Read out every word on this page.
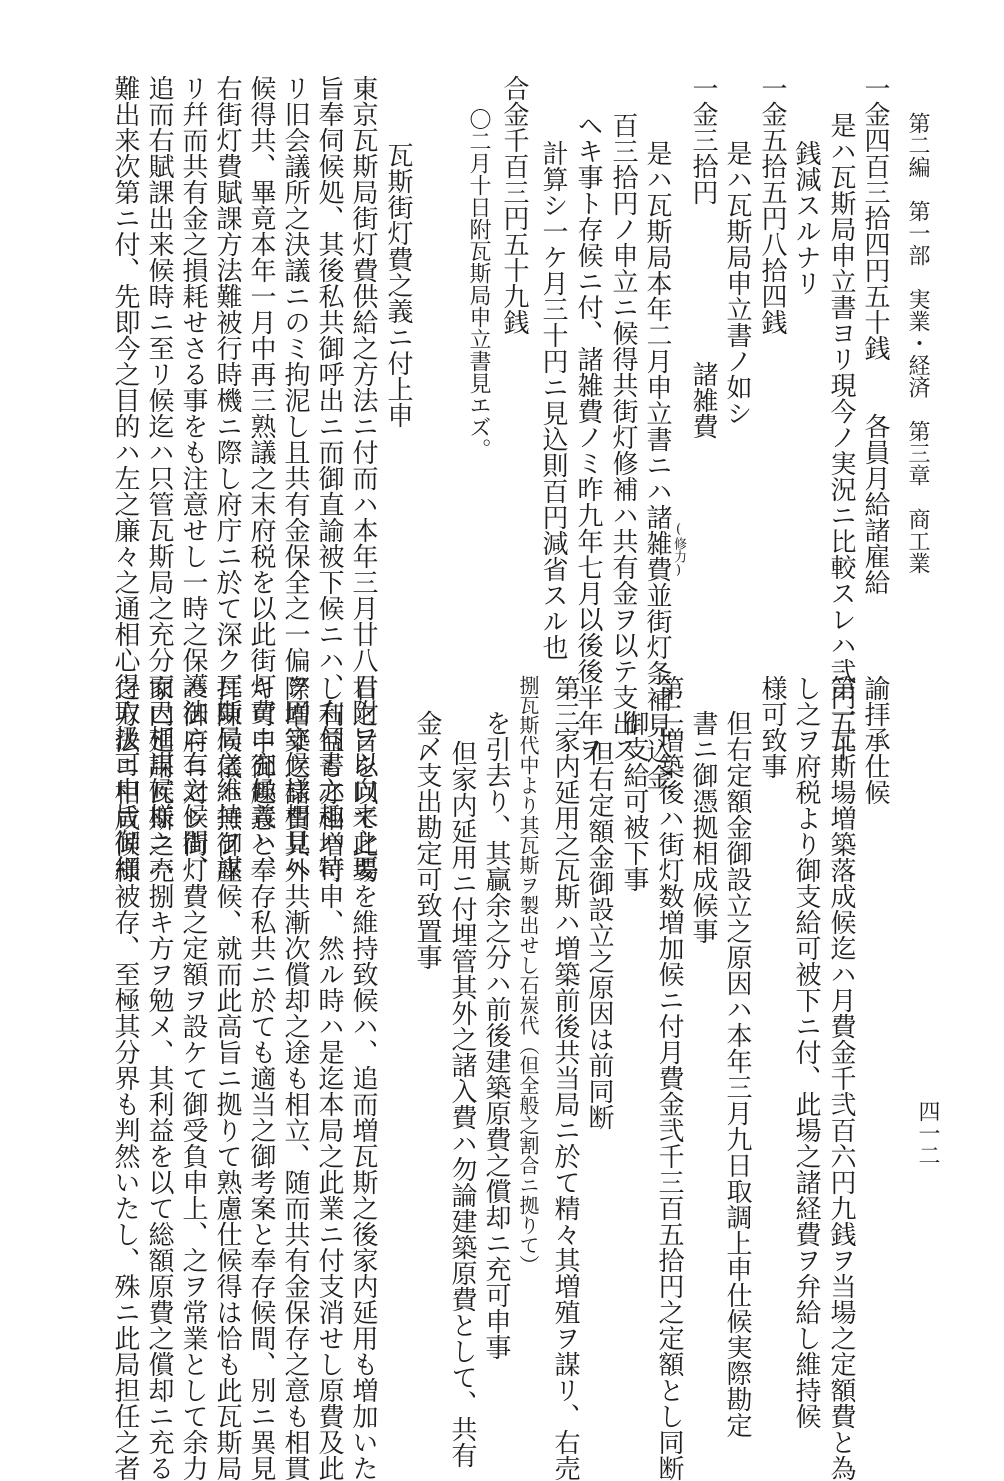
第二編　第一部　実業・経済　第三章　商工業
四一二
一金四百三拾四円五十銭　　各員月給諸雇給
是ハ瓦斯局申立書ヨリ現今ノ実況ニ比較スレハ弐円五十
銭減スルナリ
一金五拾五円八拾四銭
是ハ瓦斯局申立書ノ如シ
一金三拾円　　　　　　諸雑費
是ハ瓦斯局本年二月申立書ニハ諸雑費並街灯条補見込金 (修力)
百三拾円ノ申立ニ候得共街灯修補ハ共有金ヲ以テ支出ス
ヘキ事ト存候ニ付、諸雑費ノミ昨九年七月以後後半年ヲ
計算シ一ケ月三十円ニ見込則百円減省スル也
合金千百三円五十九銭
〇二月十日附瓦斯局申立書見エズ。
瓦斯街灯費之義ニ付上申
東京瓦斯局街灯費供給之方法ニ付而ハ本年三月廿八日附ヲ以向来之要
旨奉伺候処、其後私共御呼出ニ而御直諭被下候ニハ、右伺書之趣ハ特
リ旧会議所之決議ニのミ拘泥し且共有金保全之一偏ヲ固守候様相見へ
候得共、畢竟本年一月中再三熟議之末府税を以此街灯費ニ充候義ハ、
右街灯費賦課方法難被行時機ニ際し府庁ニ於て深ク瓦斯局之維持ヲ謀
リ幷而共有金之損耗せさる事をも注意せし一時之保護法ニ有之候間、
追而右賦課出来候時ニ至リ候迄ハ只管瓦斯局之充分而已相謀候様ニハ
難出来次第ニ付、先即今之目的ハ左之廉々之通相心得取扱可申旨御細	諭拝承仕候
第一瓦斯場増築落成候迄ハ月費金千弐百六円九銭ヲ当場之定額費と為
し之ヲ府税より御支給可被下ニ付、此場之諸経費ヲ弁給し維持候
様可致事
但右定額金御設立之原因ハ本年三月九日取調上申仕候実際勘定
書ニ御憑拠相成候事
第二増築後ハ街灯数増加候ニ付月費金弐千三百五拾円之定額とし同断
御支給可被下事
但右定額金御設立之原因は前同断
第三家内延用之瓦斯ハ増築前後共当局ニ於て精々其増殖ヲ謀リ、右売
捌瓦斯代中より其瓦斯ヲ製出せし石炭代（但全般之割合ニ拠りて）
を引去り、其贏余之分ハ前後建築原費之償却ニ充可申事
但家内延用ニ付埋管其外之諸入費ハ勿論建築原費として、共有
金〆支出勘定可致置事
右之旨を以て此場を維持致候ハ、追而増瓦斯之後家内延用も増加いた
し利益も亦相増可申、然ル時ハ是迄本局之此業ニ付支消せし原費及此
際増築之諸費其外共漸次償却之途も相立、随而共有金保存之意も相貫
キ可申御趣意と奉存私共ニ於ても適当之御考案と奉存候間、別ニ異見
拝陳候儀ハ無御座候、就而此高旨ニ拠りて熟慮仕候得は恰も此瓦斯局
ハ御府ニ対シ街灯費之定額ヲ設ケて御受負申上、之ヲ常業として余力
家内延用瓦斯之売捌キ方ヲ勉メ、其利益を以て総額原費之償却ニ充る
之方法ニ相成候様被存、至極其分界も判然いたし、殊ニ此局担任之者
